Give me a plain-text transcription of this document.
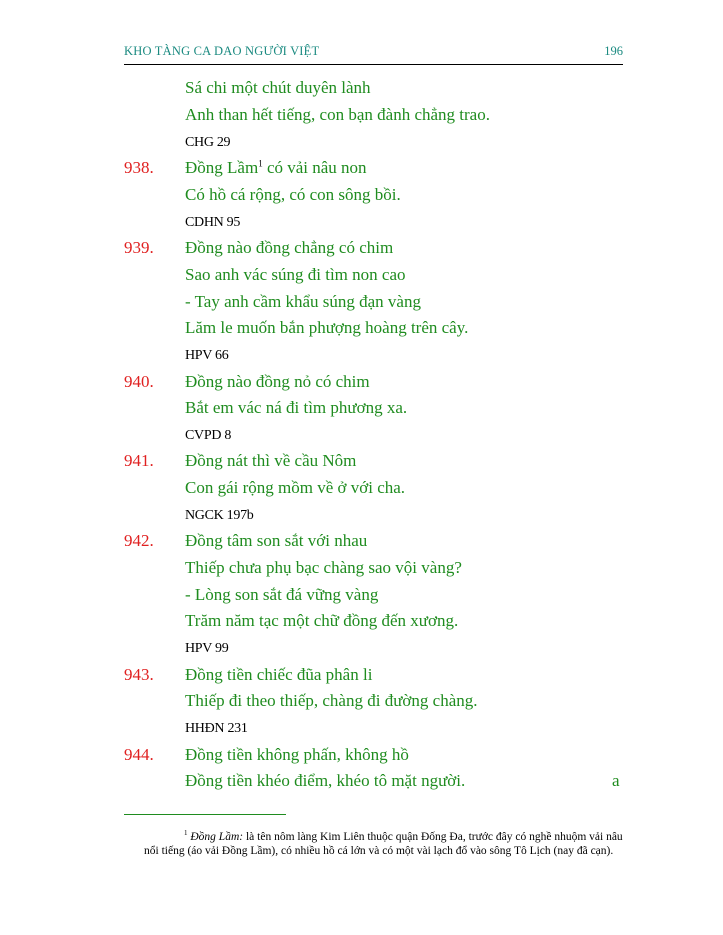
KHO TÀNG CA DAO NGƯỜI VIỆT	196
Sá chi một chút duyên lành
Anh than hết tiếng, con bạn đành chẳng trao.
CHG 29
938. Đồng Lầm$^1$ có vải nâu non
Có hồ cá rộng, có con sông bồi.
CDHN 95
939. Đồng nào đồng chẳng có chim
Sao anh vác súng đi tìm non cao
- Tay anh cầm khẩu súng đạn vàng
Lăm le muốn bắn phượng hoàng trên cây.
HPV 66
940. Đồng nào đồng nỏ có chim
Bắt em vác ná đi tìm phương xa.
CVPD 8
941. Đồng nát thì về cầu Nôm
Con gái rộng mồm về ở với cha.
NGCK 197b
942. Đồng tâm son sắt với nhau
Thiếp chưa phụ bạc chàng sao vội vàng?
- Lòng son sắt đá vững vàng
Trăm năm tạc một chữ đồng đến xương.
HPV 99
943. Đồng tiền chiếc đũa phân li
Thiếp đi theo thiếp, chàng đi đường chàng.
HHĐN 231
944. Đồng tiền không phấn, không hồ
Đồng tiền khéo điểm, khéo tô mặt người.	a
$^1$ Đồng Lầm: là tên nôm làng Kim Liên thuộc quận Đống Đa, trước đây có nghề nhuộm vải nâu nổi tiếng (áo vải Đồng Lầm), có nhiều hồ cá lớn và có một vài lạch đổ vào sông Tô Lịch (nay đã cạn).
